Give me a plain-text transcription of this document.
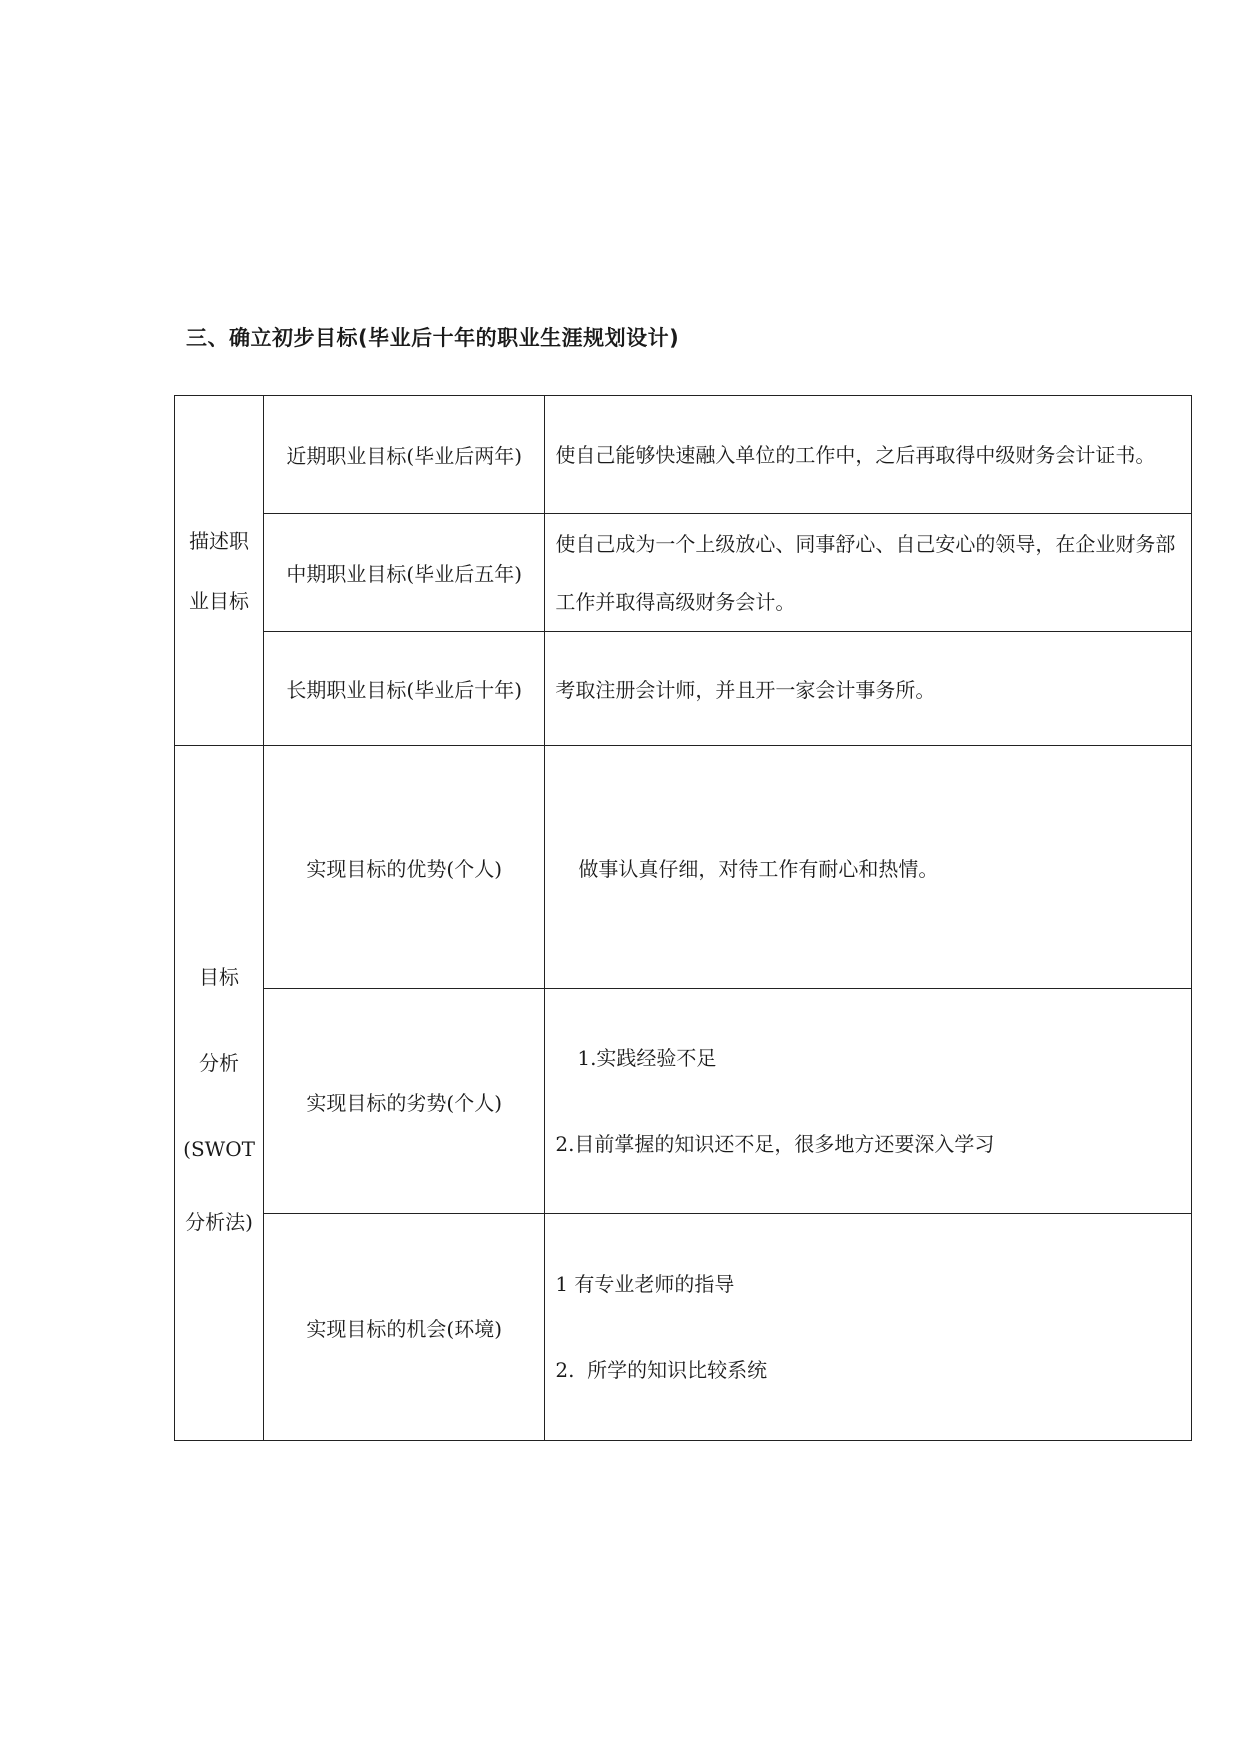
三、确立初步目标(毕业后十年的职业生涯规划设计)
描述职
业目标	近期职业目标(毕业后两年)	使自己能够快速融入单位的工作中，之后再取得中级财务会计证书。
	中期职业目标(毕业后五年)	使自己成为一个上级放心、同事舒心、自己安心的领导，在企业财务部工作并取得高级财务会计。
	长期职业目标(毕业后十年)	考取注册会计师，并且开一家会计事务所。

目标
分析
(SWOT
分析法)	实现目标的优势(个人)	做事认真仔细，对待工作有耐心和热情。
	实现目标的劣势(个人)	1.实践经验不足
2.目前掌握的知识还不足，很多地方还要深入学习

	实现目标的机会(环境)	1 有专业老师的指导
2.  所学的知识比较系统
